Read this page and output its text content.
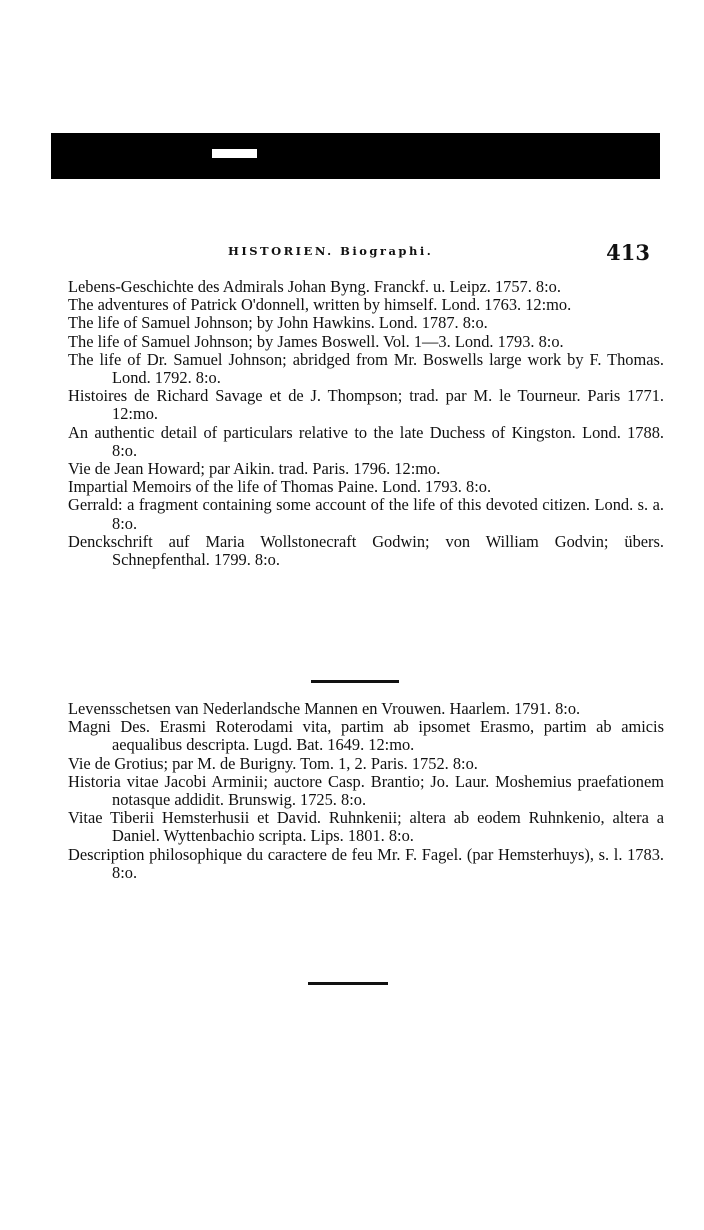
HISTORIEN. Biographi.	413

Lebens-Geschichte des Admirals Johan Byng. Franckf. u. Leipz. 1757. 8:o.

The adventures of Patrick O'donnell, written by himself. Lond. 1763. 12:mo.

The life of Samuel Johnson; by John Hawkins. Lond. 1787. 8:o.

The life of Samuel Johnson; by James Boswell. Vol. 1—3. Lond. 1793. 8:o.

The life of Dr. Samuel Johnson; abridged from Mr. Boswells large work by F. Thomas. Lond. 1792. 8:o.

Histoires de Richard Savage et de J. Thompson; trad. par M. le Tourneur. Paris 1771. 12:mo.

An authentic detail of particulars relative to the late Duchess of Kingston. Lond. 1788. 8:o.

Vie de Jean Howard; par Aikin. trad. Paris. 1796. 12:mo.

Impartial Memoirs of the life of Thomas Paine. Lond. 1793. 8:o.

Gerrald: a fragment containing some account of the life of this devoted citizen. Lond. s. a. 8:o.

Denckschrift auf Maria Wollstonecraft Godwin; von William Godvin; übers. Schnepfenthal. 1799. 8:o.

Levensschetsen van Nederlandsche Mannen en Vrouwen. Haarlem. 1791. 8:o.

Magni Des. Erasmi Roterodami vita, partim ab ipsomet Erasmo, partim ab amicis aequalibus descripta. Lugd. Bat. 1649. 12:mo.

Vie de Grotius; par M. de Burigny. Tom. 1, 2. Paris. 1752. 8:o.

Historia vitae Jacobi Arminii; auctore Casp. Brantio; Jo. Laur. Moshemius praefationem notasque addidit. Brunswig. 1725. 8:o.

Vitae Tiberii Hemsterhusii et David. Ruhnkenii; altera ab eodem Ruhnkenio, altera a Daniel. Wyttenbachio scripta. Lips. 1801. 8:o.

Description philosophique du caractere de feu Mr. F. Fagel. (par Hemsterhuys), s. l. 1783. 8:o.
